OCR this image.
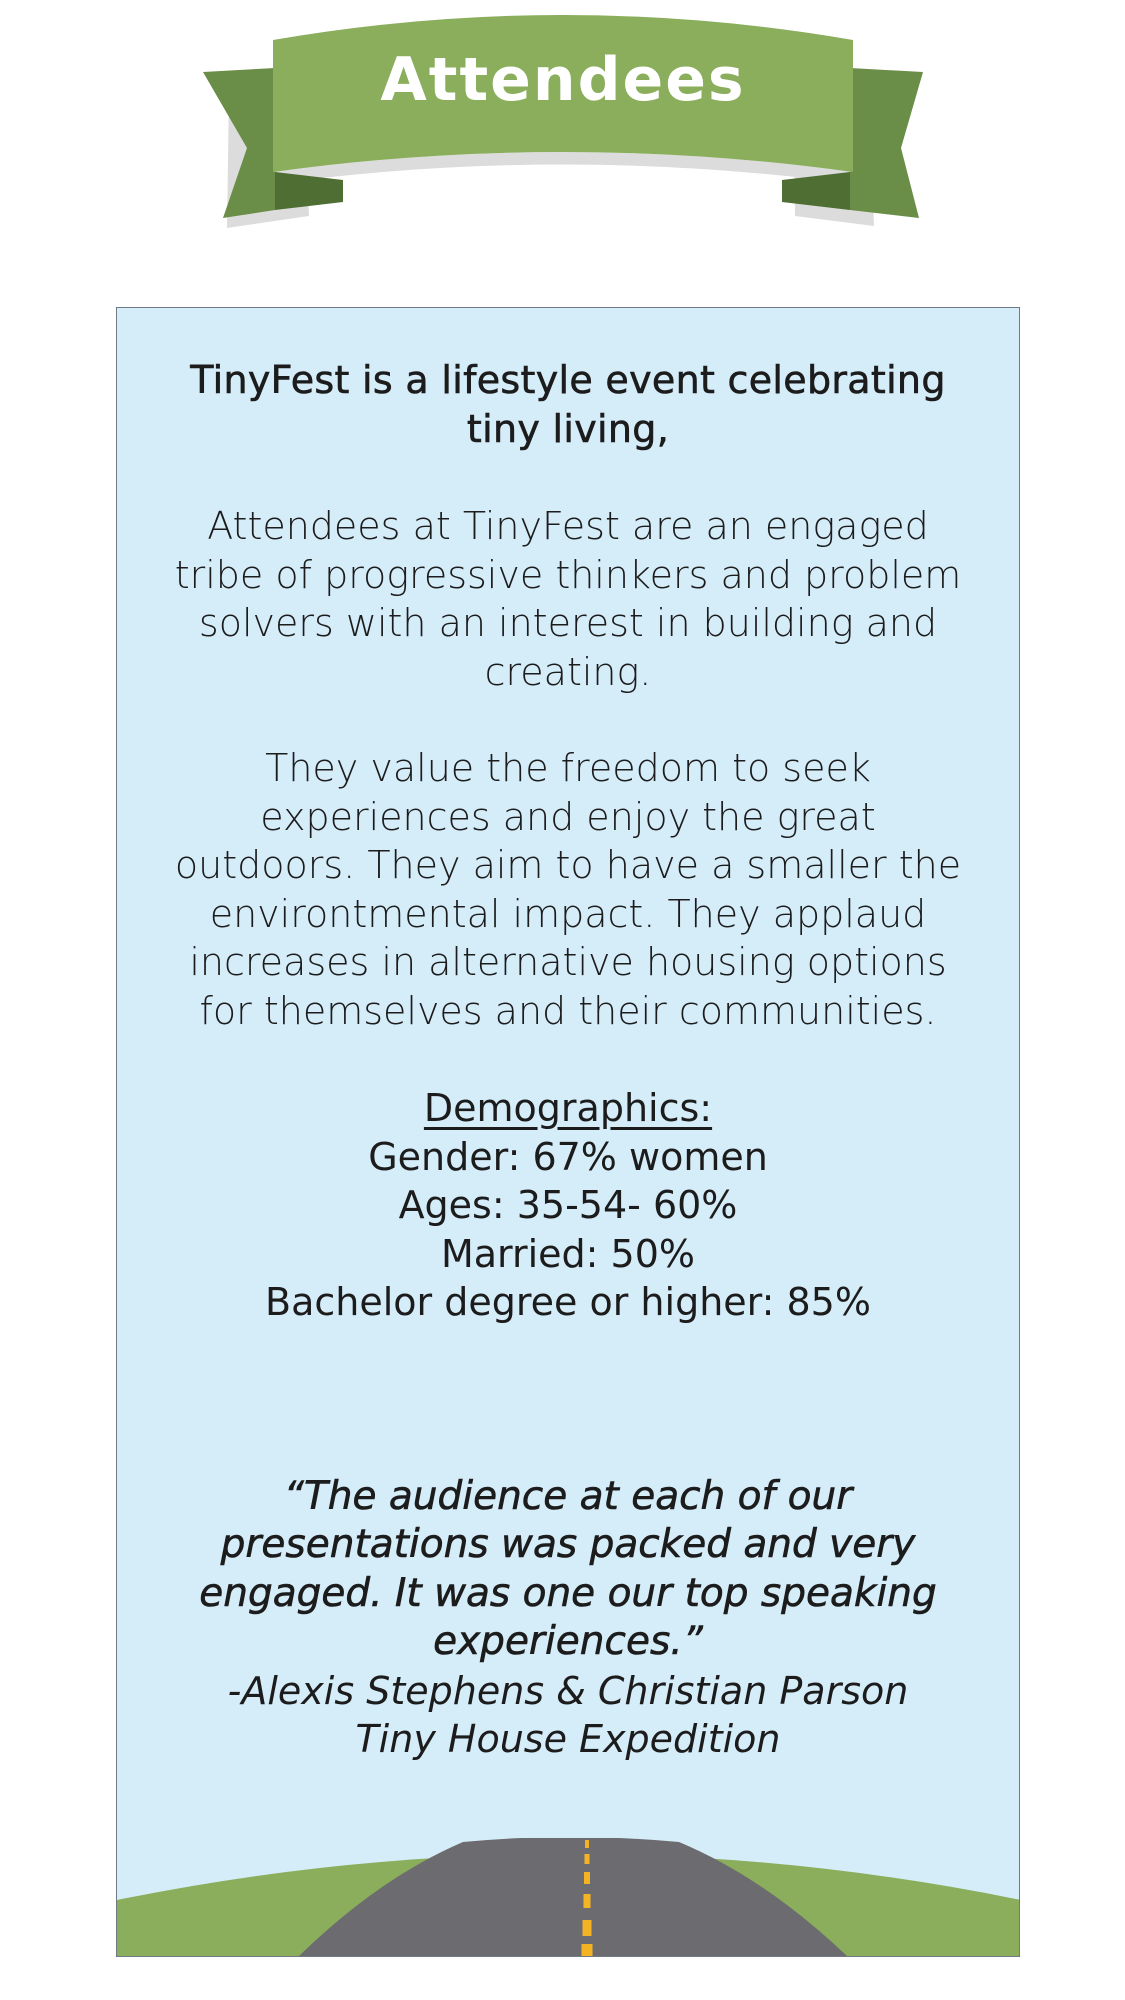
Attendees
TinyFest is a lifestyle event celebrating tiny living,
Attendees at TinyFest are an engaged tribe of progressive thinkers and problem solvers with an interest in building and creating.
They value the freedom to seek experiences and enjoy the great outdoors. They aim to have a smaller the environtmental impact. They applaud increases in alternative housing options for themselves and their communities.
Demographics:
Gender: 67% women
Ages: 35-54- 60%
Married: 50%
Bachelor degree or higher: 85%
“The audience at each of our presentations was packed and very engaged. It was one our top speaking experiences.”
-Alexis Stephens & Christian Parson
Tiny House Expedition
